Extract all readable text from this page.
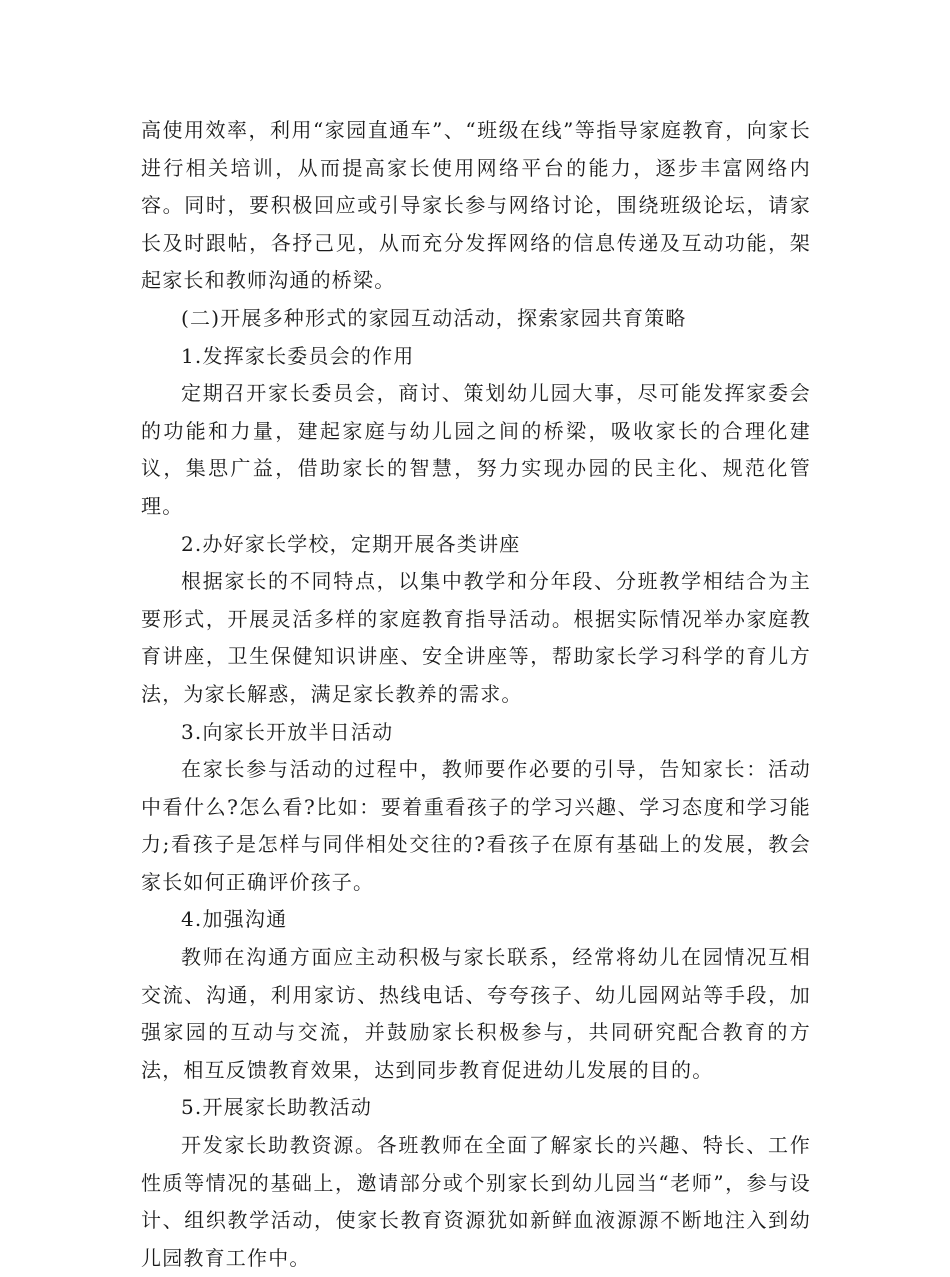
高使用效率，利用“家园直通车”、“班级在线”等指导家庭教育，向家长进行相关培训，从而提高家长使用网络平台的能力，逐步丰富网络内容。同时，要积极回应或引导家长参与网络讨论，围绕班级论坛，请家长及时跟帖，各抒己见，从而充分发挥网络的信息传递及互动功能，架起家长和教师沟通的桥梁。

(二)开展多种形式的家园互动活动，探索家园共育策略

1.发挥家长委员会的作用

定期召开家长委员会，商讨、策划幼儿园大事，尽可能发挥家委会的功能和力量，建起家庭与幼儿园之间的桥梁，吸收家长的合理化建议，集思广益，借助家长的智慧，努力实现办园的民主化、规范化管理。

2.办好家长学校，定期开展各类讲座

根据家长的不同特点，以集中教学和分年段、分班教学相结合为主要形式，开展灵活多样的家庭教育指导活动。根据实际情况举办家庭教育讲座，卫生保健知识讲座、安全讲座等，帮助家长学习科学的育儿方法，为家长解惑，满足家长教养的需求。

3.向家长开放半日活动

在家长参与活动的过程中，教师要作必要的引导，告知家长：活动中看什么?怎么看?比如：要着重看孩子的学习兴趣、学习态度和学习能力;看孩子是怎样与同伴相处交往的?看孩子在原有基础上的发展，教会家长如何正确评价孩子。

4.加强沟通

教师在沟通方面应主动积极与家长联系，经常将幼儿在园情况互相交流、沟通，利用家访、热线电话、夸夸孩子、幼儿园网站等手段，加强家园的互动与交流，并鼓励家长积极参与，共同研究配合教育的方法，相互反馈教育效果，达到同步教育促进幼儿发展的目的。

5.开展家长助教活动

开发家长助教资源。各班教师在全面了解家长的兴趣、特长、工作性质等情况的基础上，邀请部分或个别家长到幼儿园当“老师”，参与设计、组织教学活动，使家长教育资源犹如新鲜血液源源不断地注入到幼儿园教育工作中。
